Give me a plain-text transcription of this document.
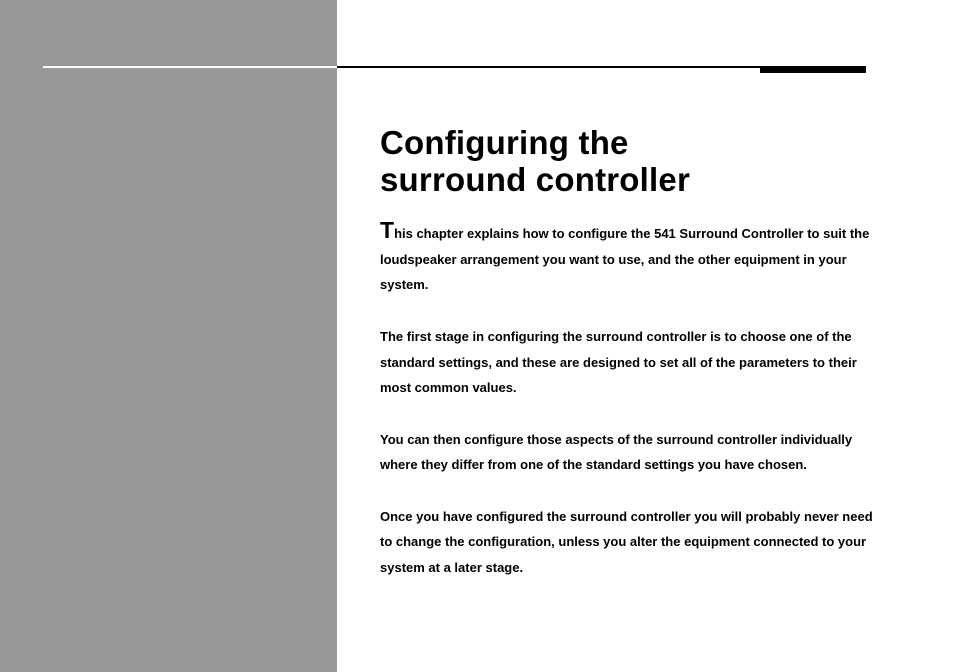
Configuring the
surround controller

This chapter explains how to configure the 541 Surround Controller to suit the loudspeaker arrangement you want to use, and the other equipment in your system.

The first stage in configuring the surround controller is to choose one of the standard settings, and these are designed to set all of the parameters to their most common values.

You can then configure those aspects of the surround controller individually where they differ from one of the standard settings you have chosen.

Once you have configured the surround controller you will probably never need to change the configuration, unless you alter the equipment connected to your system at a later stage.
